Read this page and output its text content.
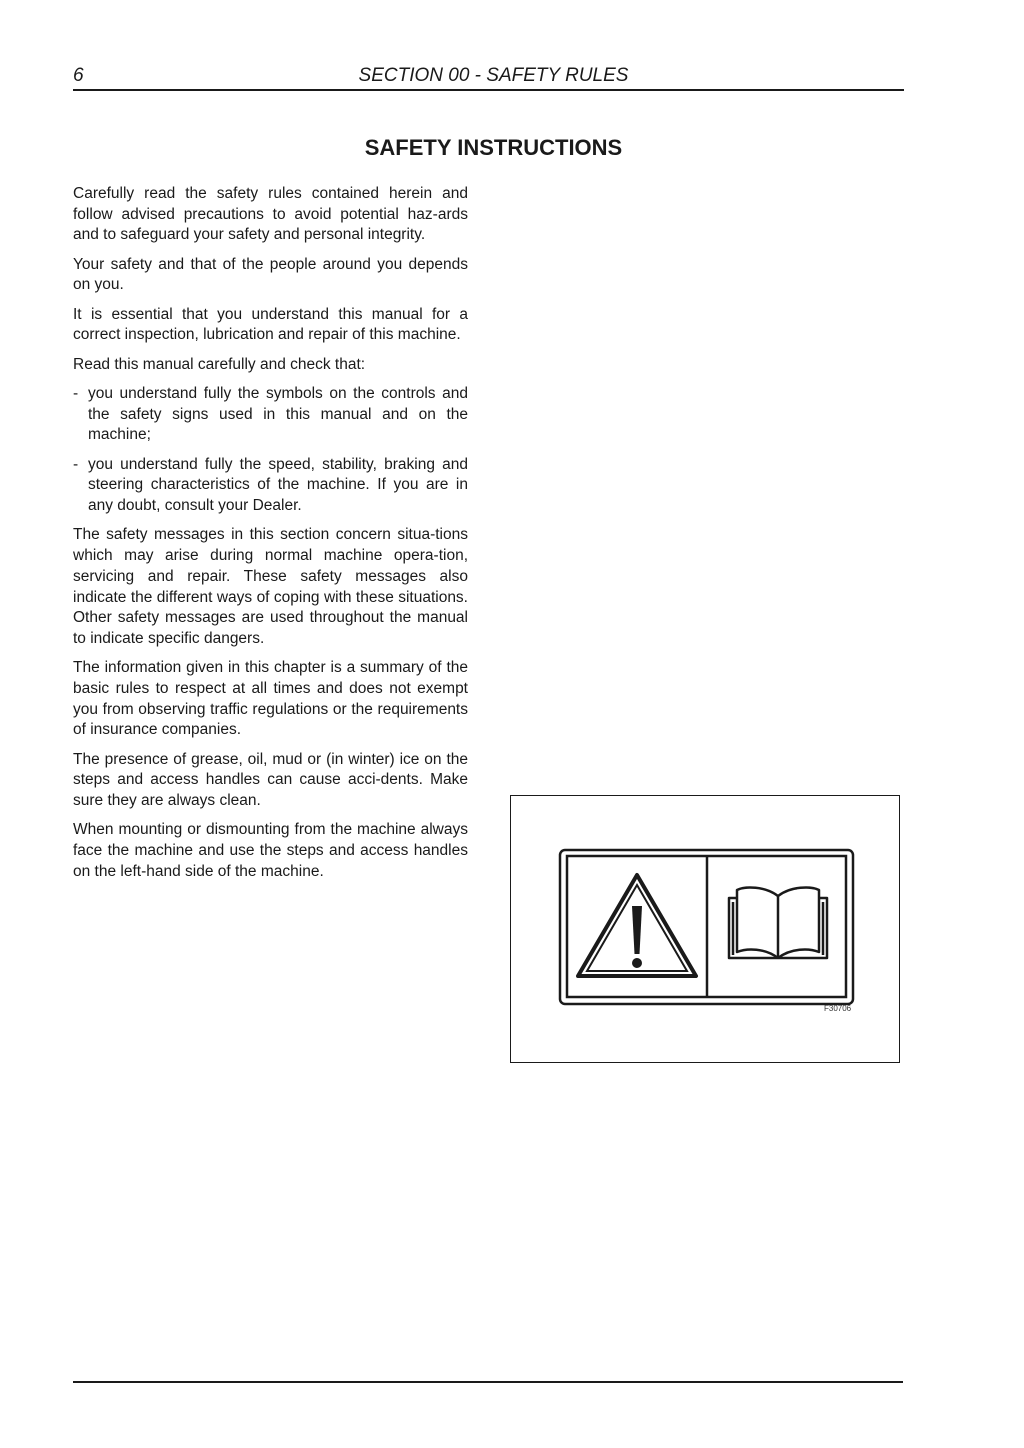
6	SECTION 00 - SAFETY RULES
SAFETY INSTRUCTIONS

Carefully read the safety rules contained herein and follow advised precautions to avoid potential haz-ards and to safeguard your safety and personal integrity.

Your safety and that of the people around you depends on you.

It is essential that you understand this manual for a correct inspection, lubrication and repair of this machine.

Read this manual carefully and check that:

- you understand fully the symbols on the controls and the safety signs used in this manual and on the machine;
- you understand fully the speed, stability, braking and steering characteristics of the machine. If you are in any doubt, consult your Dealer.

The safety messages in this section concern situa-tions which may arise during normal machine opera-tion, servicing and repair. These safety messages also indicate the different ways of coping with these situations. Other safety messages are used throughout the manual to indicate specific dangers.

The information given in this chapter is a summary of the basic rules to respect at all times and does not exempt you from observing traffic regulations or the requirements of insurance companies.

The presence of grease, oil, mud or (in winter) ice on the steps and access handles can cause acci-dents. Make sure they are always clean.

When mounting or dismounting from the machine always face the machine and use the steps and access handles on the left-hand side of the machine.

F30706
